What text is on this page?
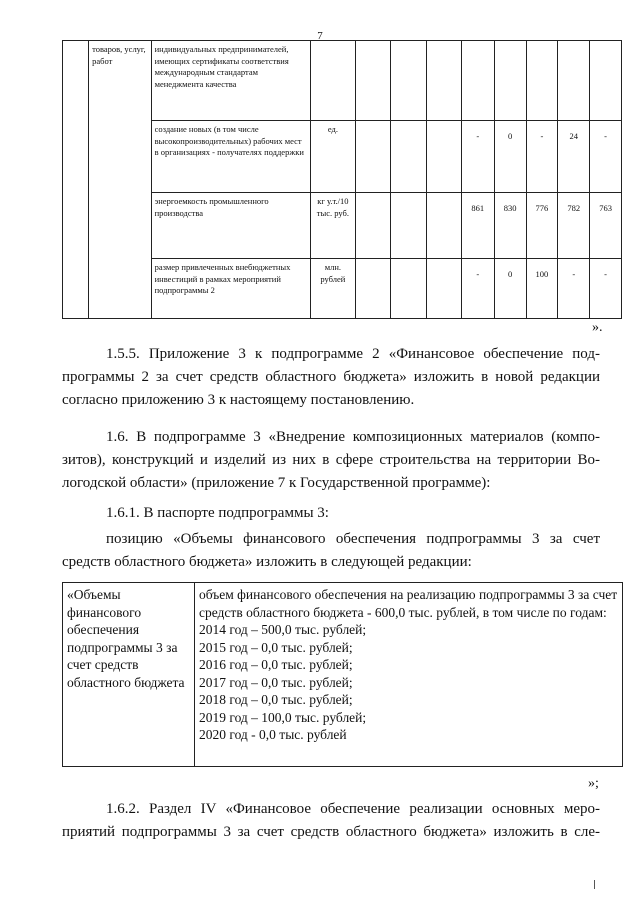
7
	товаров, услуг, работ	индивидуальных предпринимателей, имеющих сертификаты соответствия международным стандартам менеджмента качества									
		создание новых (в том числе высокопроизводительных) рабочих мест в организациях - получателях поддержки	ед.				-	0	-	24	-
		энергоемкость промышленного производства	кг у.т./10 тыс. руб.				861	830	776	782	763
		размер привлеченных внебюджетных инвестиций в рамках мероприятий подпрограммы 2	млн. рублей				-	0	100	-	-
».
1.5.5. Приложение 3 к подпрограмме 2 «Финансовое обеспечение под-
программы 2 за счет средств областного бюджета» изложить в новой редакции
согласно приложению 3 к настоящему постановлению.
1.6. В подпрограмме 3 «Внедрение композиционных материалов (компо-
зитов), конструкций и изделий из них в сфере строительства на территории Во-
логодской области» (приложение 7 к Государственной программе):
1.6.1. В паспорте подпрограммы 3:
позицию «Объемы финансового обеспечения подпрограммы 3 за счет
средств областного бюджета» изложить в следующей редакции:
«Объемы финансового обеспечения подпрограммы 3 за счет средств областного бюджета	
объем финансового обеспечения на реализацию подпрограммы 3 за счет средств областного бюджета - 600,0 тыс. рублей, в том числе по годам:
2014 год – 500,0 тыс. рублей;
2015 год – 0,0 тыс. рублей;
2016 год – 0,0 тыс. рублей;
2017 год – 0,0 тыс. рублей;
2018 год – 0,0 тыс. рублей;
2019 год – 100,0 тыс. рублей;
2020 год - 0,0 тыс. рублей
»;
1.6.2. Раздел IV «Финансовое обеспечение реализации основных меро-
приятий подпрограммы 3 за счет средств областного бюджета» изложить в сле-
